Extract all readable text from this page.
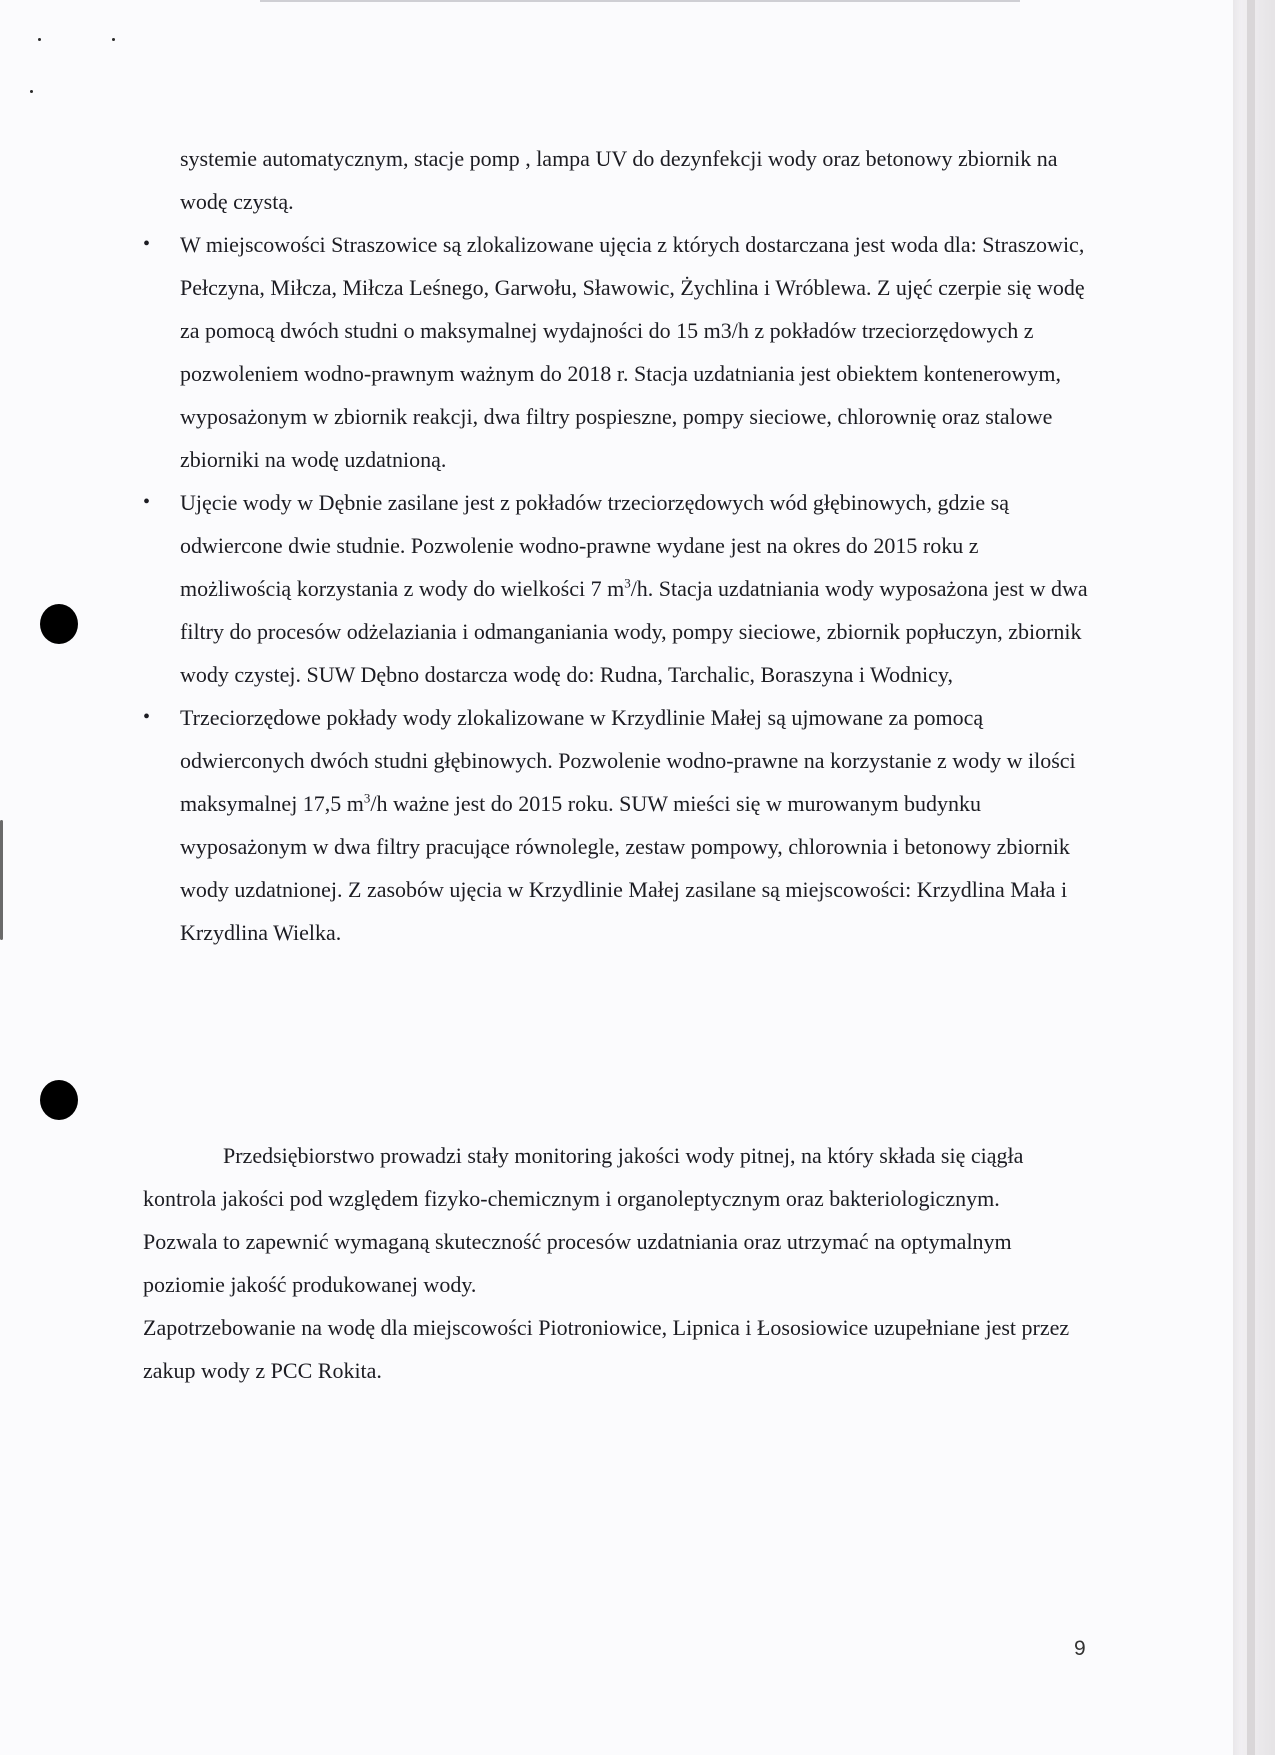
systemie automatycznym, stacje pomp , lampa UV do dezynfekcji wody oraz betonowy zbiornik na wodę czystą.

• W miejscowości Straszowice są zlokalizowane ujęcia z których dostarczana jest woda dla: Straszowic, Pełczyna, Miłcza, Miłcza Leśnego, Garwołu, Sławowic, Żychlina i Wróblewa. Z ujęć czerpie się wodę za pomocą dwóch studni o maksymalnej wydajności do 15 m3/h z pokładów trzeciorzędowych z pozwoleniem wodno-prawnym ważnym do 2018 r. Stacja uzdatniania jest obiektem kontenerowym, wyposażonym w zbiornik reakcji, dwa filtry pospieszne, pompy sieciowe, chlorownię oraz stalowe zbiorniki na wodę uzdatnioną.

• Ujęcie wody w Dębnie zasilane jest z pokładów trzeciorzędowych wód głębinowych, gdzie są odwiercone dwie studnie. Pozwolenie wodno-prawne wydane jest na okres do 2015 roku z możliwością korzystania z wody do wielkości 7 $m^3/h$. Stacja uzdatniania wody wyposażona jest w dwa filtry do procesów odżelaziania i odmanganiania wody, pompy sieciowe, zbiornik popłuczyn, zbiornik wody czystej. SUW Dębno dostarcza wodę do: Rudna, Tarchalic, Boraszyna i Wodnicy,

• Trzeciorzędowe pokłady wody zlokalizowane w Krzydlinie Małej są ujmowane za pomocą odwierconych dwóch studni głębinowych. Pozwolenie wodno-prawne na korzystanie z wody w ilości maksymalnej 17,5 $m^3/h$ ważne jest do 2015 roku. SUW mieści się w murowanym budynku wyposażonym w dwa filtry pracujące równolegle, zestaw pompowy, chlorownia i betonowy zbiornik wody uzdatnionej. Z zasobów ujęcia w Krzydlinie Małej zasilane są miejscowości: Krzydlina Mała i Krzydlina Wielka.

Przedsiębiorstwo prowadzi stały monitoring jakości wody pitnej, na który składa się ciągła kontrola jakości pod względem fizyko-chemicznym i organoleptycznym oraz bakteriologicznym.

Pozwala to zapewnić wymaganą skuteczność procesów uzdatniania oraz utrzymać na optymalnym poziomie jakość produkowanej wody.

Zapotrzebowanie na wodę dla miejscowości Piotroniowice, Lipnica i Łososiowice uzupełniane jest przez zakup wody z PCC Rokita.

9
